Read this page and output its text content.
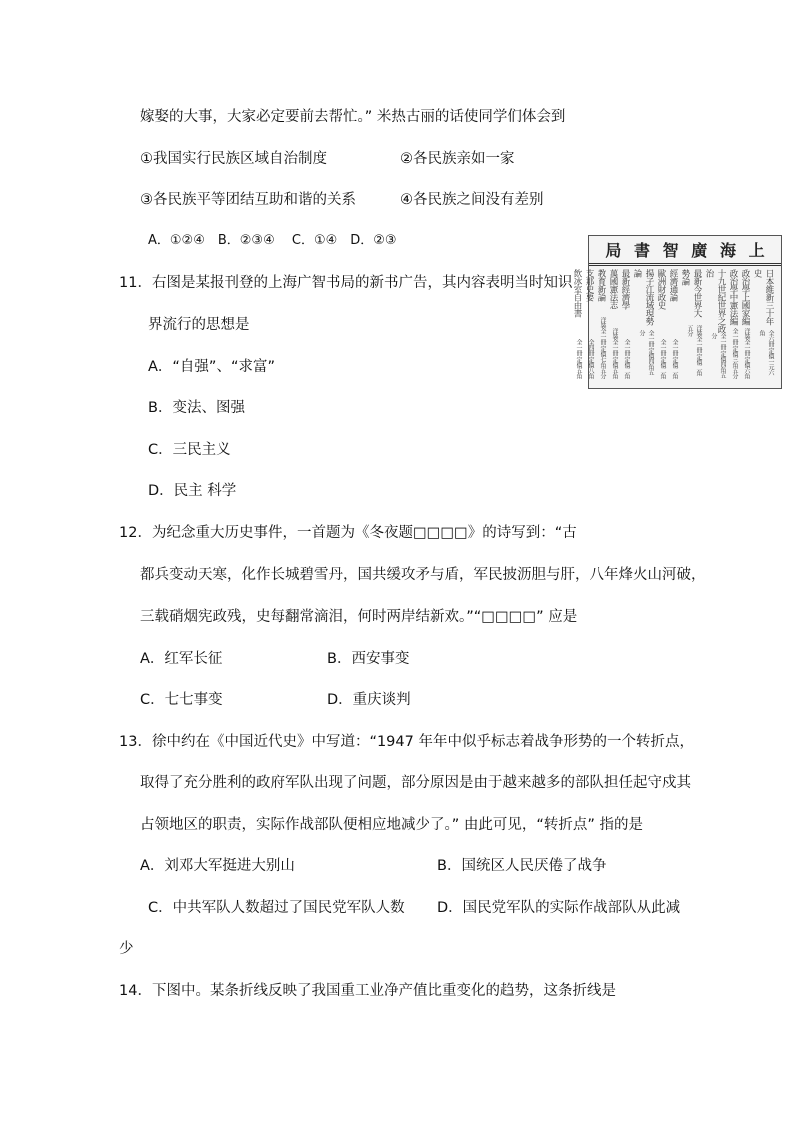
嫁娶的大事，大家必定要前去帮忙。” 米热古丽的话使同学们体会到
①我国实行民族区域自治制度	②各民族亲如一家
③各民族平等团结互助和谐的关系	④各民族之间没有差别
A．①②④　B．②③④　 C．①④　D．②③
11．右图是某报刊登的上海广智书局的新书广告，其内容表明当时知识
界流行的思想是
A．“自强”、“求富”
B．变法、图强
C．三民主义
D．民主 科学
局 書 智 廣 海 上
日本維新三十年史
全六冊 定價一元六角
政治學上國家編
洋裝全一冊 定價六角
政治學中憲法編
全一冊 定價三角五分
十九世紀世界之政治
全一冊 定價四角五分
最新今世界大勢論
洋裝全一冊 定價二角五分
經濟通論
全一冊 定價二角
歐洲財政史
全一冊 定價二角
揚子江流域現勢論
全一冊 定價四角五分
最新經濟學
全一冊 定價二角
萬國憲法志
洋裝全一冊 定價五角
教育新論
洋裝全一冊 定價七角五分
支那史要
全四冊 定價八角
飲冰室自由書
全一冊 定價五角
12．为纪念重大历史事件，一首题为《冬夜题□□□□》的诗写到：“古
都兵变动天寒，化作长城碧雪丹，国共缓攻矛与盾，军民披沥胆与肝，八年烽火山河破，
三载硝烟宪政残，史每翻常滴泪，何时两岸结新欢。”“□□□□” 应是
A．红军长征	B．西安事变
C．七七事变	D．重庆谈判
13．徐中约在《中国近代史》中写道：“1947 年年中似乎标志着战争形势的一个转折点，
取得了充分胜利的政府军队出现了问题，部分原因是由于越来越多的部队担任起守戍其
占领地区的职责，实际作战部队便相应地减少了。” 由此可见，“转折点” 指的是
A．刘邓大军挺进大别山	B．国统区人民厌倦了战争
C．中共军队人数超过了国民党军队人数 D．国民党军队的实际作战部队从此减
少
14．下图中。某条折线反映了我国重工业净产值比重变化的趋势，这条折线是
